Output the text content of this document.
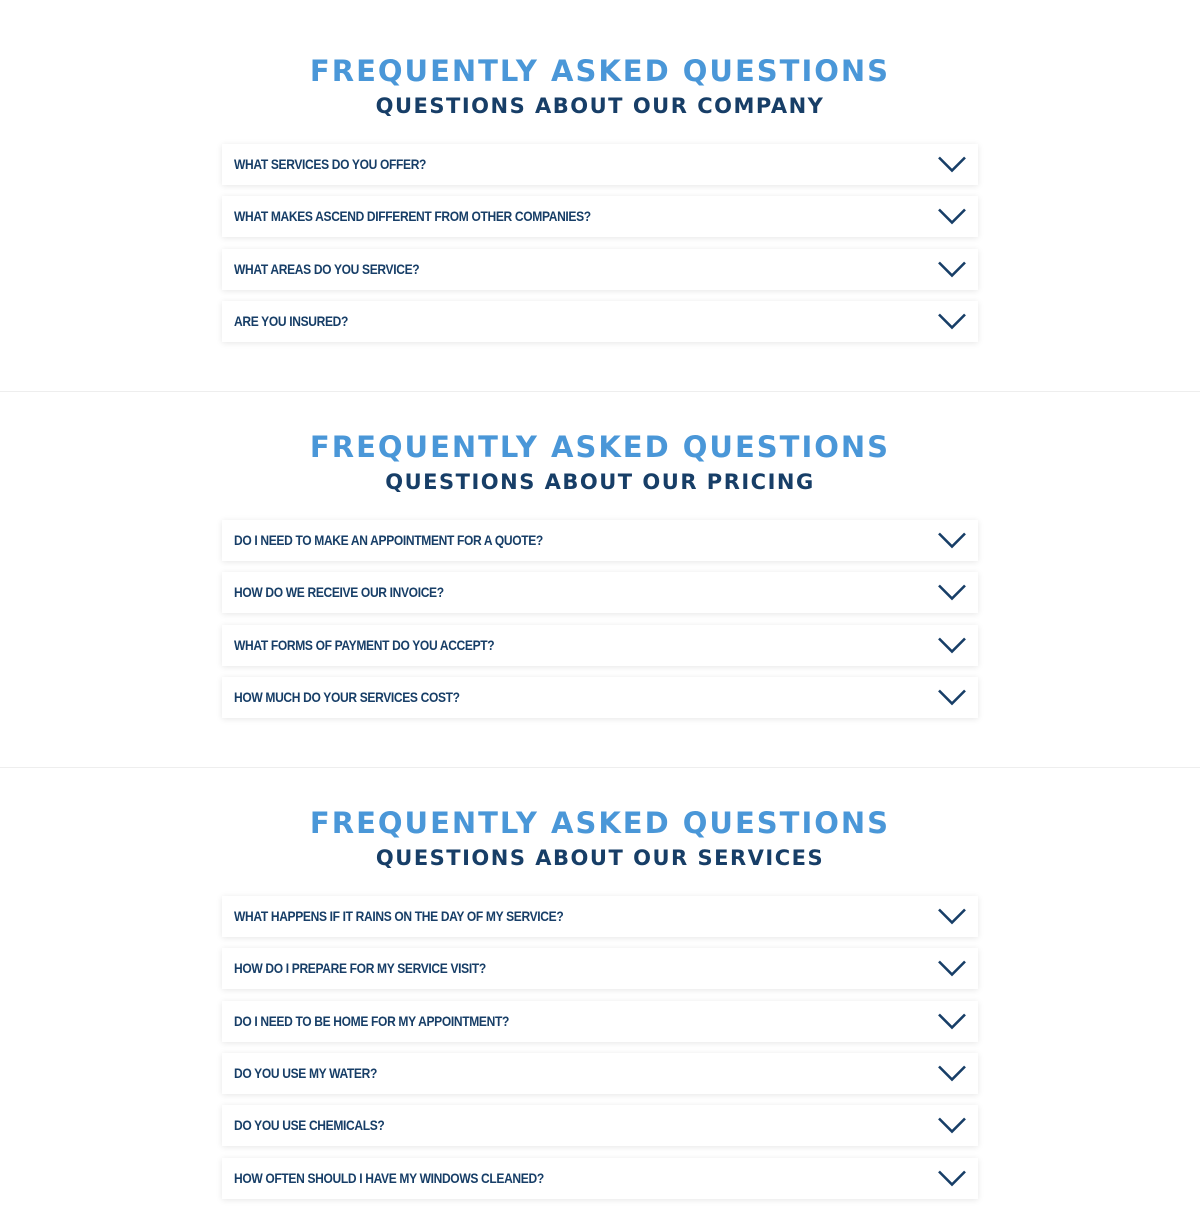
FREQUENTLY ASKED QUESTIONS
QUESTIONS ABOUT OUR COMPANY
WHAT SERVICES DO YOU OFFER?
WHAT MAKES ASCEND DIFFERENT FROM OTHER COMPANIES?
WHAT AREAS DO YOU SERVICE?
ARE YOU INSURED?
FREQUENTLY ASKED QUESTIONS
QUESTIONS ABOUT OUR PRICING
DO I NEED TO MAKE AN APPOINTMENT FOR A QUOTE?
HOW DO WE RECEIVE OUR INVOICE?
WHAT FORMS OF PAYMENT DO YOU ACCEPT?
HOW MUCH DO YOUR SERVICES COST?
FREQUENTLY ASKED QUESTIONS
QUESTIONS ABOUT OUR SERVICES
WHAT HAPPENS IF IT RAINS ON THE DAY OF MY SERVICE?
HOW DO I PREPARE FOR MY SERVICE VISIT?
DO I NEED TO BE HOME FOR MY APPOINTMENT?
DO YOU USE MY WATER?
DO YOU USE CHEMICALS?
HOW OFTEN SHOULD I HAVE MY WINDOWS CLEANED?
